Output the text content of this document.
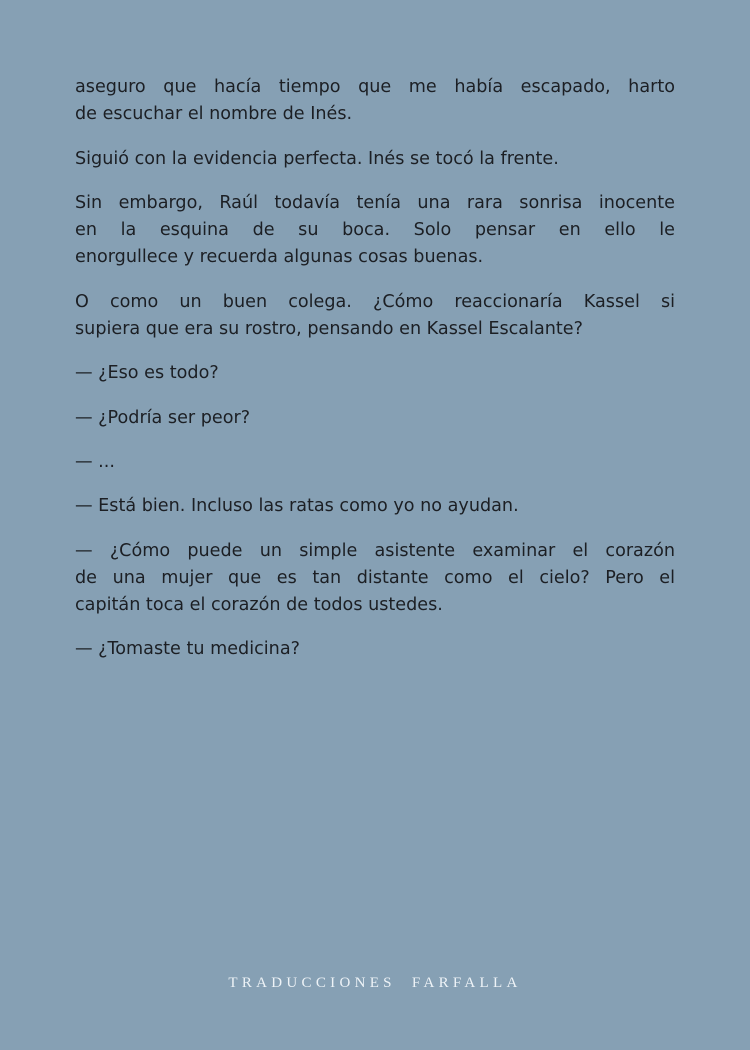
aseguro que hacía tiempo que me había escapado, harto
de escuchar el nombre de Inés.
Siguió con la evidencia perfecta. Inés se tocó la frente.
Sin embargo, Raúl todavía tenía una rara sonrisa inocente
en la esquina de su boca. Solo pensar en ello le
enorgullece y recuerda algunas cosas buenas.
O como un buen colega. ¿Cómo reaccionaría Kassel si
supiera que era su rostro, pensando en Kassel Escalante?
— ¿Eso es todo?
— ¿Podría ser peor?
— ...
— Está bien. Incluso las ratas como yo no ayudan.
— ¿Cómo puede un simple asistente examinar el corazón
de una mujer que es tan distante como el cielo? Pero el
capitán toca el corazón de todos ustedes.
— ¿Tomaste tu medicina?
TRADUCCIONES  FARFALLA
